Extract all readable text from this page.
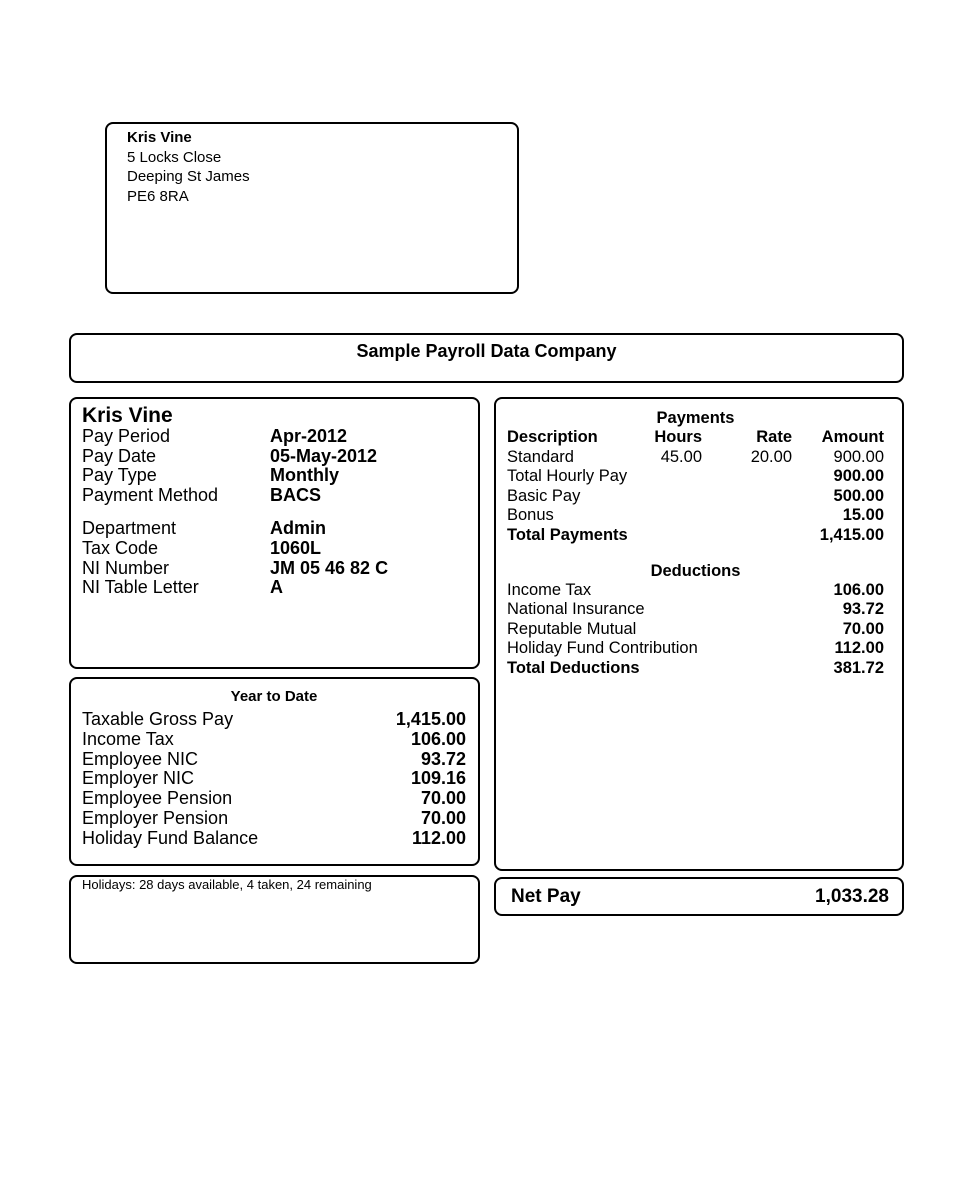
Kris Vine
5 Locks Close
Deeping St James
PE6 8RA
Sample Payroll Data Company
Kris Vine
Pay Period	Apr-2012
Pay Date	05-May-2012
Pay Type	Monthly
Payment Method	BACS
Department	Admin
Tax Code	1060L
NI Number	JM 05 46 82 C
NI Table Letter	A
Year to Date
Taxable Gross Pay	1,415.00
Income Tax	106.00
Employee NIC	93.72
Employer NIC	109.16
Employee Pension	70.00
Employer Pension	70.00
Holiday Fund Balance	112.00
Holidays: 28 days available, 4 taken, 24 remaining
Payments
Description	Hours	Rate	Amount
Standard	45.00	20.00	900.00
Total Hourly Pay	900.00
Basic Pay	500.00
Bonus	15.00
Total Payments	1,415.00
Deductions
Income Tax	106.00
National Insurance	93.72
Reputable Mutual	70.00
Holiday Fund Contribution	112.00
Total Deductions	381.72
Net Pay	1,033.28
